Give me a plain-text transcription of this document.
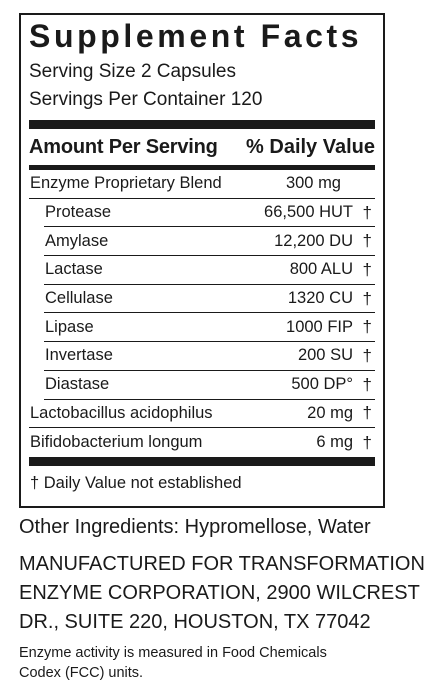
Supplement Facts
Serving Size 2 Capsules
Servings Per Container 120
Amount Per Serving % Daily Value
Enzyme Proprietary Blend	300 mg
Protease	66,500 HUT †
Amylase	12,200 DU †
Lactase	800 ALU †
Cellulase	1320 CU †
Lipase	1000 FIP †
Invertase	200 SU †
Diastase	500 DP° †
Lactobacillus acidophilus	20 mg †
Bifidobacterium longum	6 mg †
† Daily Value not established
Other Ingredients: Hypromellose, Water
MANUFACTURED FOR TRANSFORMATION ENZYME CORPORATION, 2900 WILCREST DR., SUITE 220, HOUSTON, TX 77042
Enzyme activity is measured in Food Chemicals Codex (FCC) units.
